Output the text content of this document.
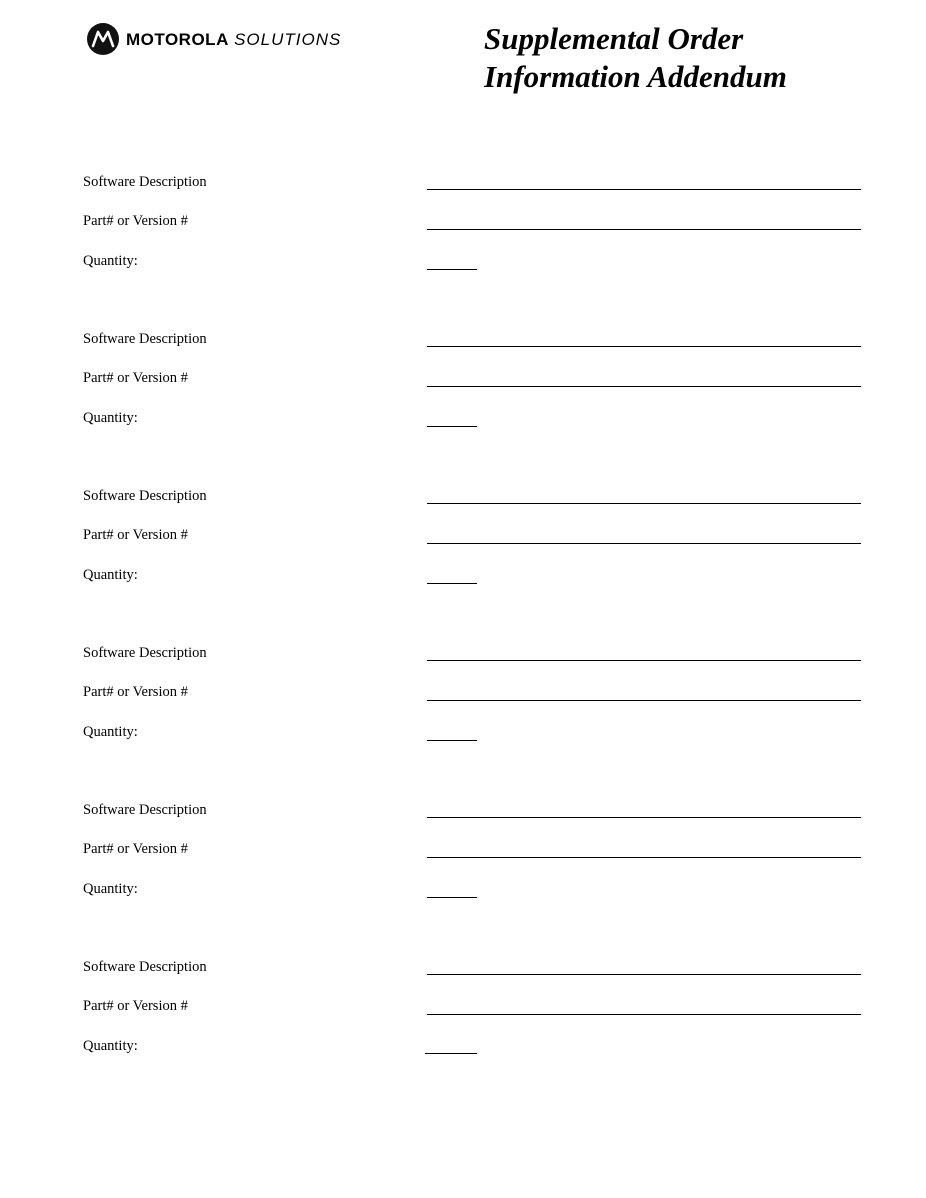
MOTOROLA SOLUTIONS	Supplemental Order
Information Addendum
Software Description
Part# or Version #
Quantity:
Software Description
Part# or Version #
Quantity:
Software Description
Part# or Version #
Quantity:
Software Description
Part# or Version #
Quantity:
Software Description
Part# or Version #
Quantity:
Software Description
Part# or Version #
Quantity:
